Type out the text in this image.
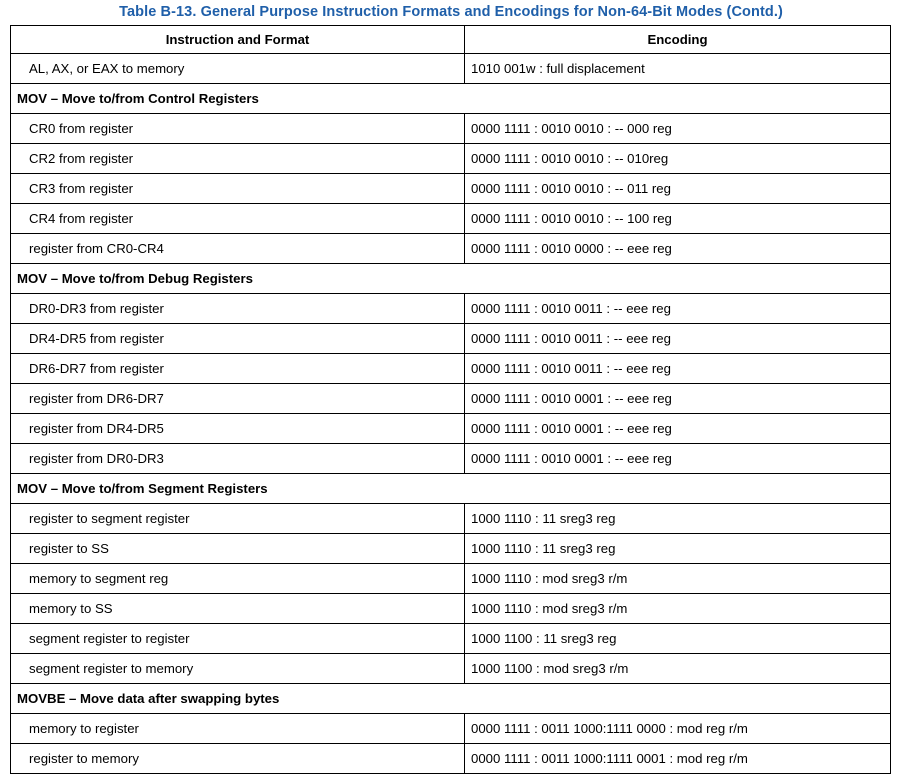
Table B-13. General Purpose Instruction Formats and Encodings for Non-64-Bit Modes (Contd.)
Instruction and Format	Encoding
AL, AX, or EAX to memory	1010 001w : full displacement
MOV – Move to/from Control Registers	
CR0 from register	0000 1111 : 0010 0010 : -- 000 reg
CR2 from register	0000 1111 : 0010 0010 : -- 010reg
CR3 from register	0000 1111 : 0010 0010 : -- 011 reg
CR4 from register	0000 1111 : 0010 0010 : -- 100 reg
register from CR0-CR4	0000 1111 : 0010 0000 : -- eee reg
MOV – Move to/from Debug Registers	
DR0-DR3 from register	0000 1111 : 0010 0011 : -- eee reg
DR4-DR5 from register	0000 1111 : 0010 0011 : -- eee reg
DR6-DR7 from register	0000 1111 : 0010 0011 : -- eee reg
register from DR6-DR7	0000 1111 : 0010 0001 : -- eee reg
register from DR4-DR5	0000 1111 : 0010 0001 : -- eee reg
register from DR0-DR3	0000 1111 : 0010 0001 : -- eee reg
MOV – Move to/from Segment Registers	
register to segment register	1000 1110 : 11 sreg3 reg
register to SS	1000 1110 : 11 sreg3 reg
memory to segment reg	1000 1110 : mod sreg3 r/m
memory to SS	1000 1110 : mod sreg3 r/m
segment register to register	1000 1100 : 11 sreg3 reg
segment register to memory	1000 1100 : mod sreg3 r/m
MOVBE – Move data after swapping bytes	
memory to register	0000 1111 : 0011 1000:1111 0000 : mod reg r/m
register to memory	0000 1111 : 0011 1000:1111 0001 : mod reg r/m
